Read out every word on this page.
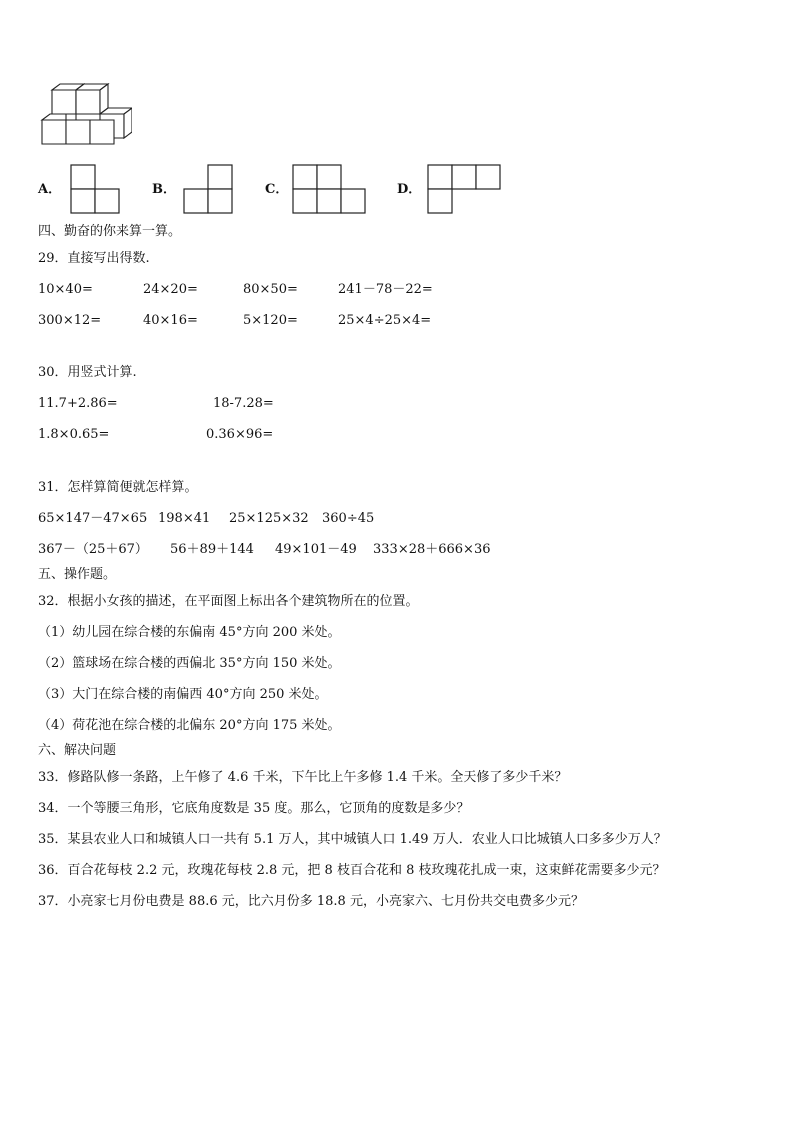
A．	B．	C．	D．
四、勤奋的你来算一算。
29．直接写出得数.
10×40=	24×20=	80×50=	241－78－22=
300×12=	40×16=	5×120=	25×4÷25×4=
30．用竖式计算.
11.7+2.86=	18-7.28=
1.8×0.65=	0.36×96=
31．怎样算简便就怎样算。
65×147－47×65 198×41 25×125×32 360÷45
367－（25＋67） 56＋89＋144 49×101－49 333×28＋666×36
五、操作题。
32．根据小女孩的描述，在平面图上标出各个建筑物所在的位置。
（1）幼儿园在综合楼的东偏南 45°方向 200 米处。
（2）篮球场在综合楼的西偏北 35°方向 150 米处。
（3）大门在综合楼的南偏西 40°方向 250 米处。
（4）荷花池在综合楼的北偏东 20°方向 175 米处。
六、解决问题
33．修路队修一条路，上午修了 4.6 千米，下午比上午多修 1.4 千米。全天修了多少千米？
34．一个等腰三角形，它底角度数是 35 度。那么，它顶角的度数是多少？
35．某县农业人口和城镇人口一共有 5.1 万人，其中城镇人口 1.49 万人．农业人口比城镇人口多多少万人？
36．百合花每枝 2.2 元，玫瑰花每枝 2.8 元，把 8 枝百合花和 8 枝玫瑰花扎成一束，这束鲜花需要多少元？
37．小亮家七月份电费是 88.6 元，比六月份多 18.8 元，小亮家六、七月份共交电费多少元？
